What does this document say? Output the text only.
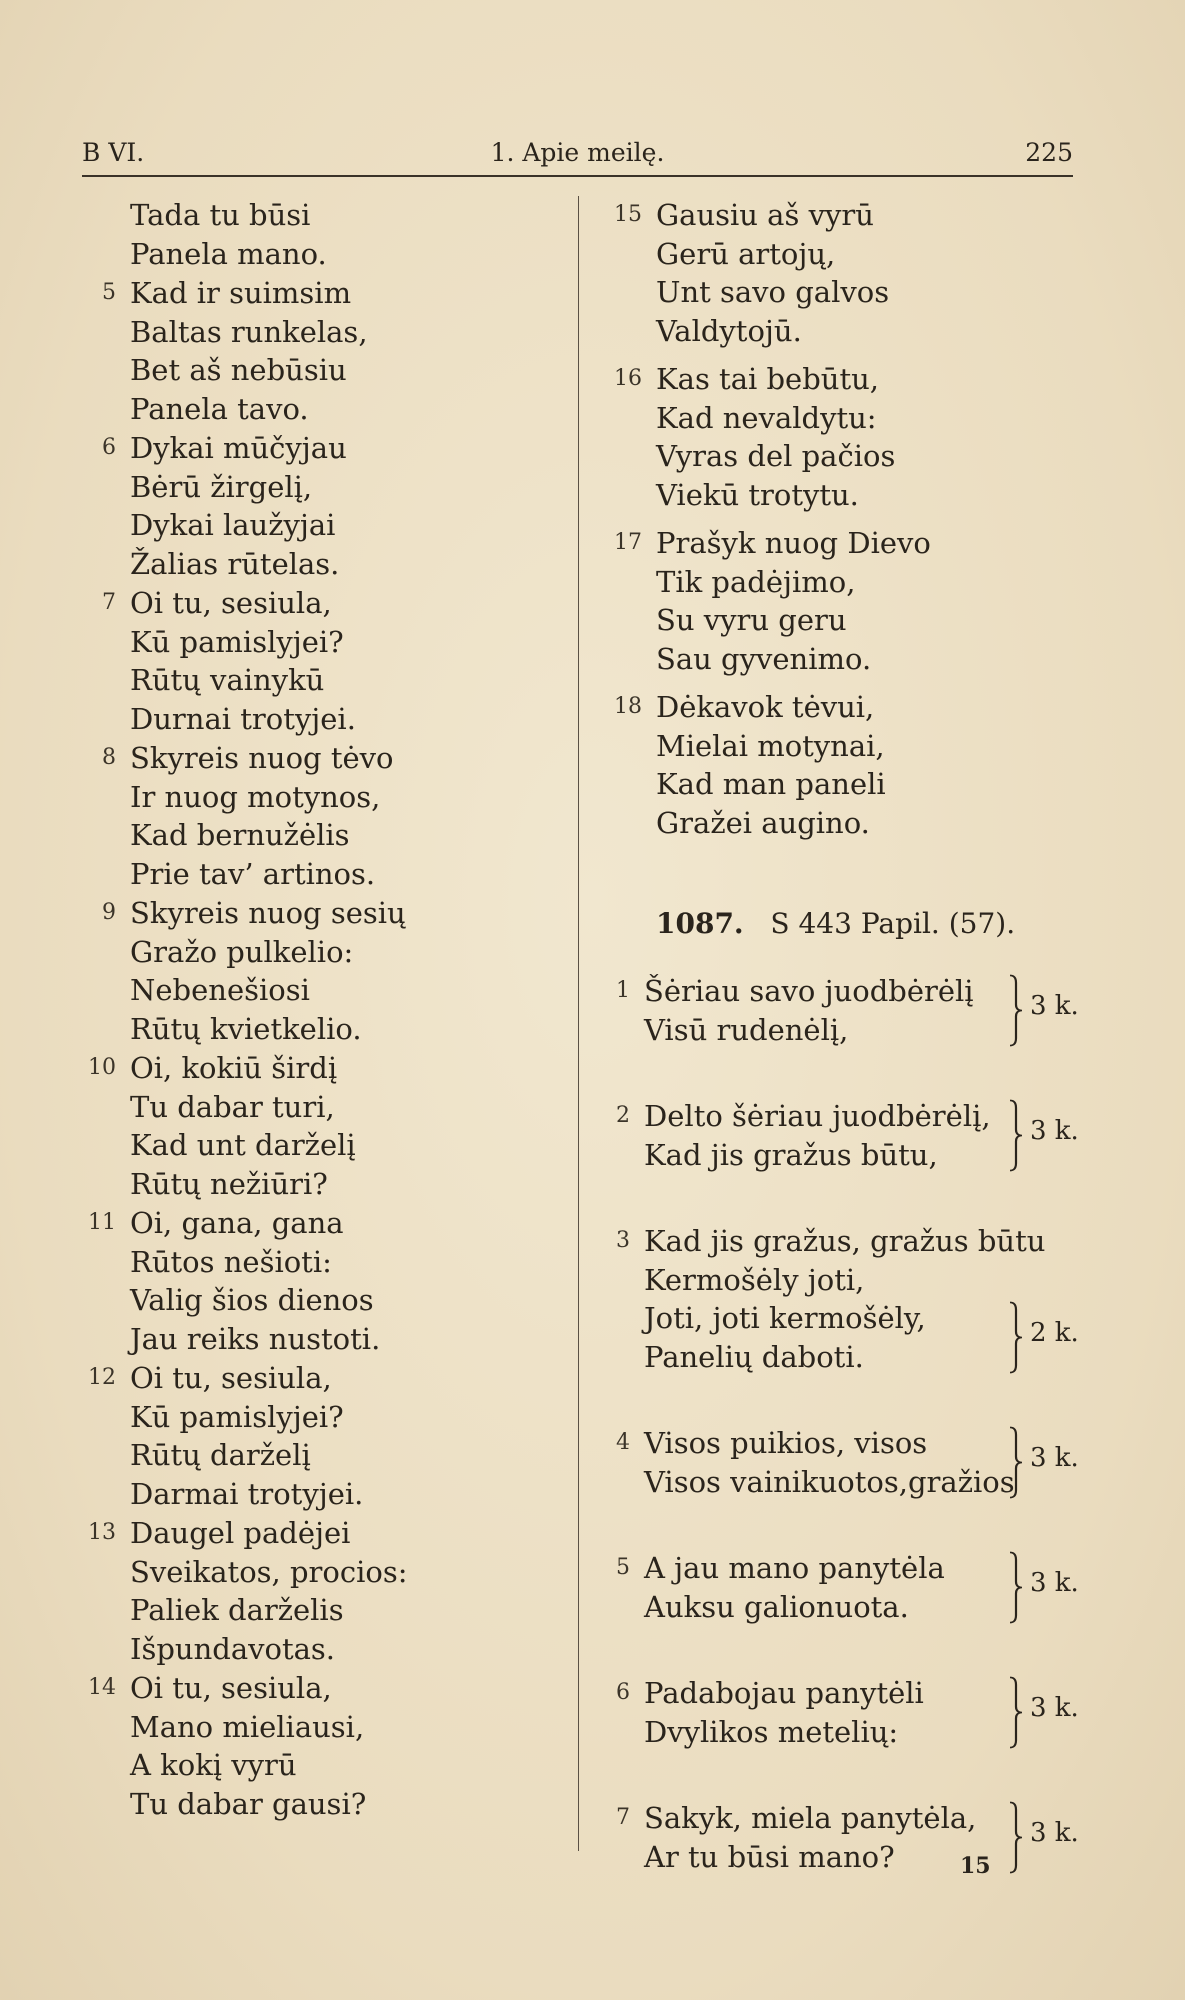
B VI.	1. Apie meilę.	225
Tada tu būsi
Panela mano.
5 Kad ir suimsim
Baltas runkelas,
Bet aš nebūsiu
Panela tavo.
6 Dykai mūčyjau
Bėrū žirgelį,
Dykai laužyjai
Žalias rūtelas.
7 Oi tu, sesiula,
Kū pamislyjei?
Rūtų vainykū
Durnai trotyjei.
8 Skyreis nuog tėvo
Ir nuog motynos,
Kad bernužėlis
Prie tav’ artinos.
9 Skyreis nuog sesių
Gražo pulkelio:
Nebenešiosi
Rūtų kvietkelio.
10 Oi, kokiū širdį
Tu dabar turi,
Kad unt darželį
Rūtų nežiūri?
11 Oi, gana, gana
Rūtos nešioti:
Valig šios dienos
Jau reiks nustoti.
12 Oi tu, sesiula,
Kū pamislyjei?
Rūtų darželį
Darmai trotyjei.
13 Daugel padėjei
Sveikatos, procios:
Paliek darželis
Išpundavotas.
14 Oi tu, sesiula,
Mano mieliausi,
A kokį vyrū
Tu dabar gausi?
15 Gausiu aš vyrū
Gerū artojų,
Unt savo galvos
Valdytojū.
16 Kas tai bebūtu,
Kad nevaldytu:
Vyras del pačios
Viekū trotytu.
17 Prašyk nuog Dievo
Tik padėjimo,
Su vyru geru
Sau gyvenimo.
18 Dėkavok tėvui,
Mielai motynai,
Kad man paneli
Gražei augino.
1087. S 443 Papil. (57).
1 Šėriau savo juodbėrėlį
Visū rudenėlį,
3 k.
2 Delto šėriau juodbėrėlį,
Kad jis gražus būtu,
3 k.
3 Kad jis gražus, gražus būtu
Kermošėly joti,
Joti, joti kermošėly,
Panelių daboti.
2 k.
4 Visos puikios, visos
Visos vainikuotos,gražios
3 k.
5 A jau mano panytėla
Auksu galionuota.
3 k.
6 Padabojau panytėli
Dvylikos metelių:
3 k.
7 Sakyk, miela panytėla,
Ar tu būsi mano?
3 k.
15
